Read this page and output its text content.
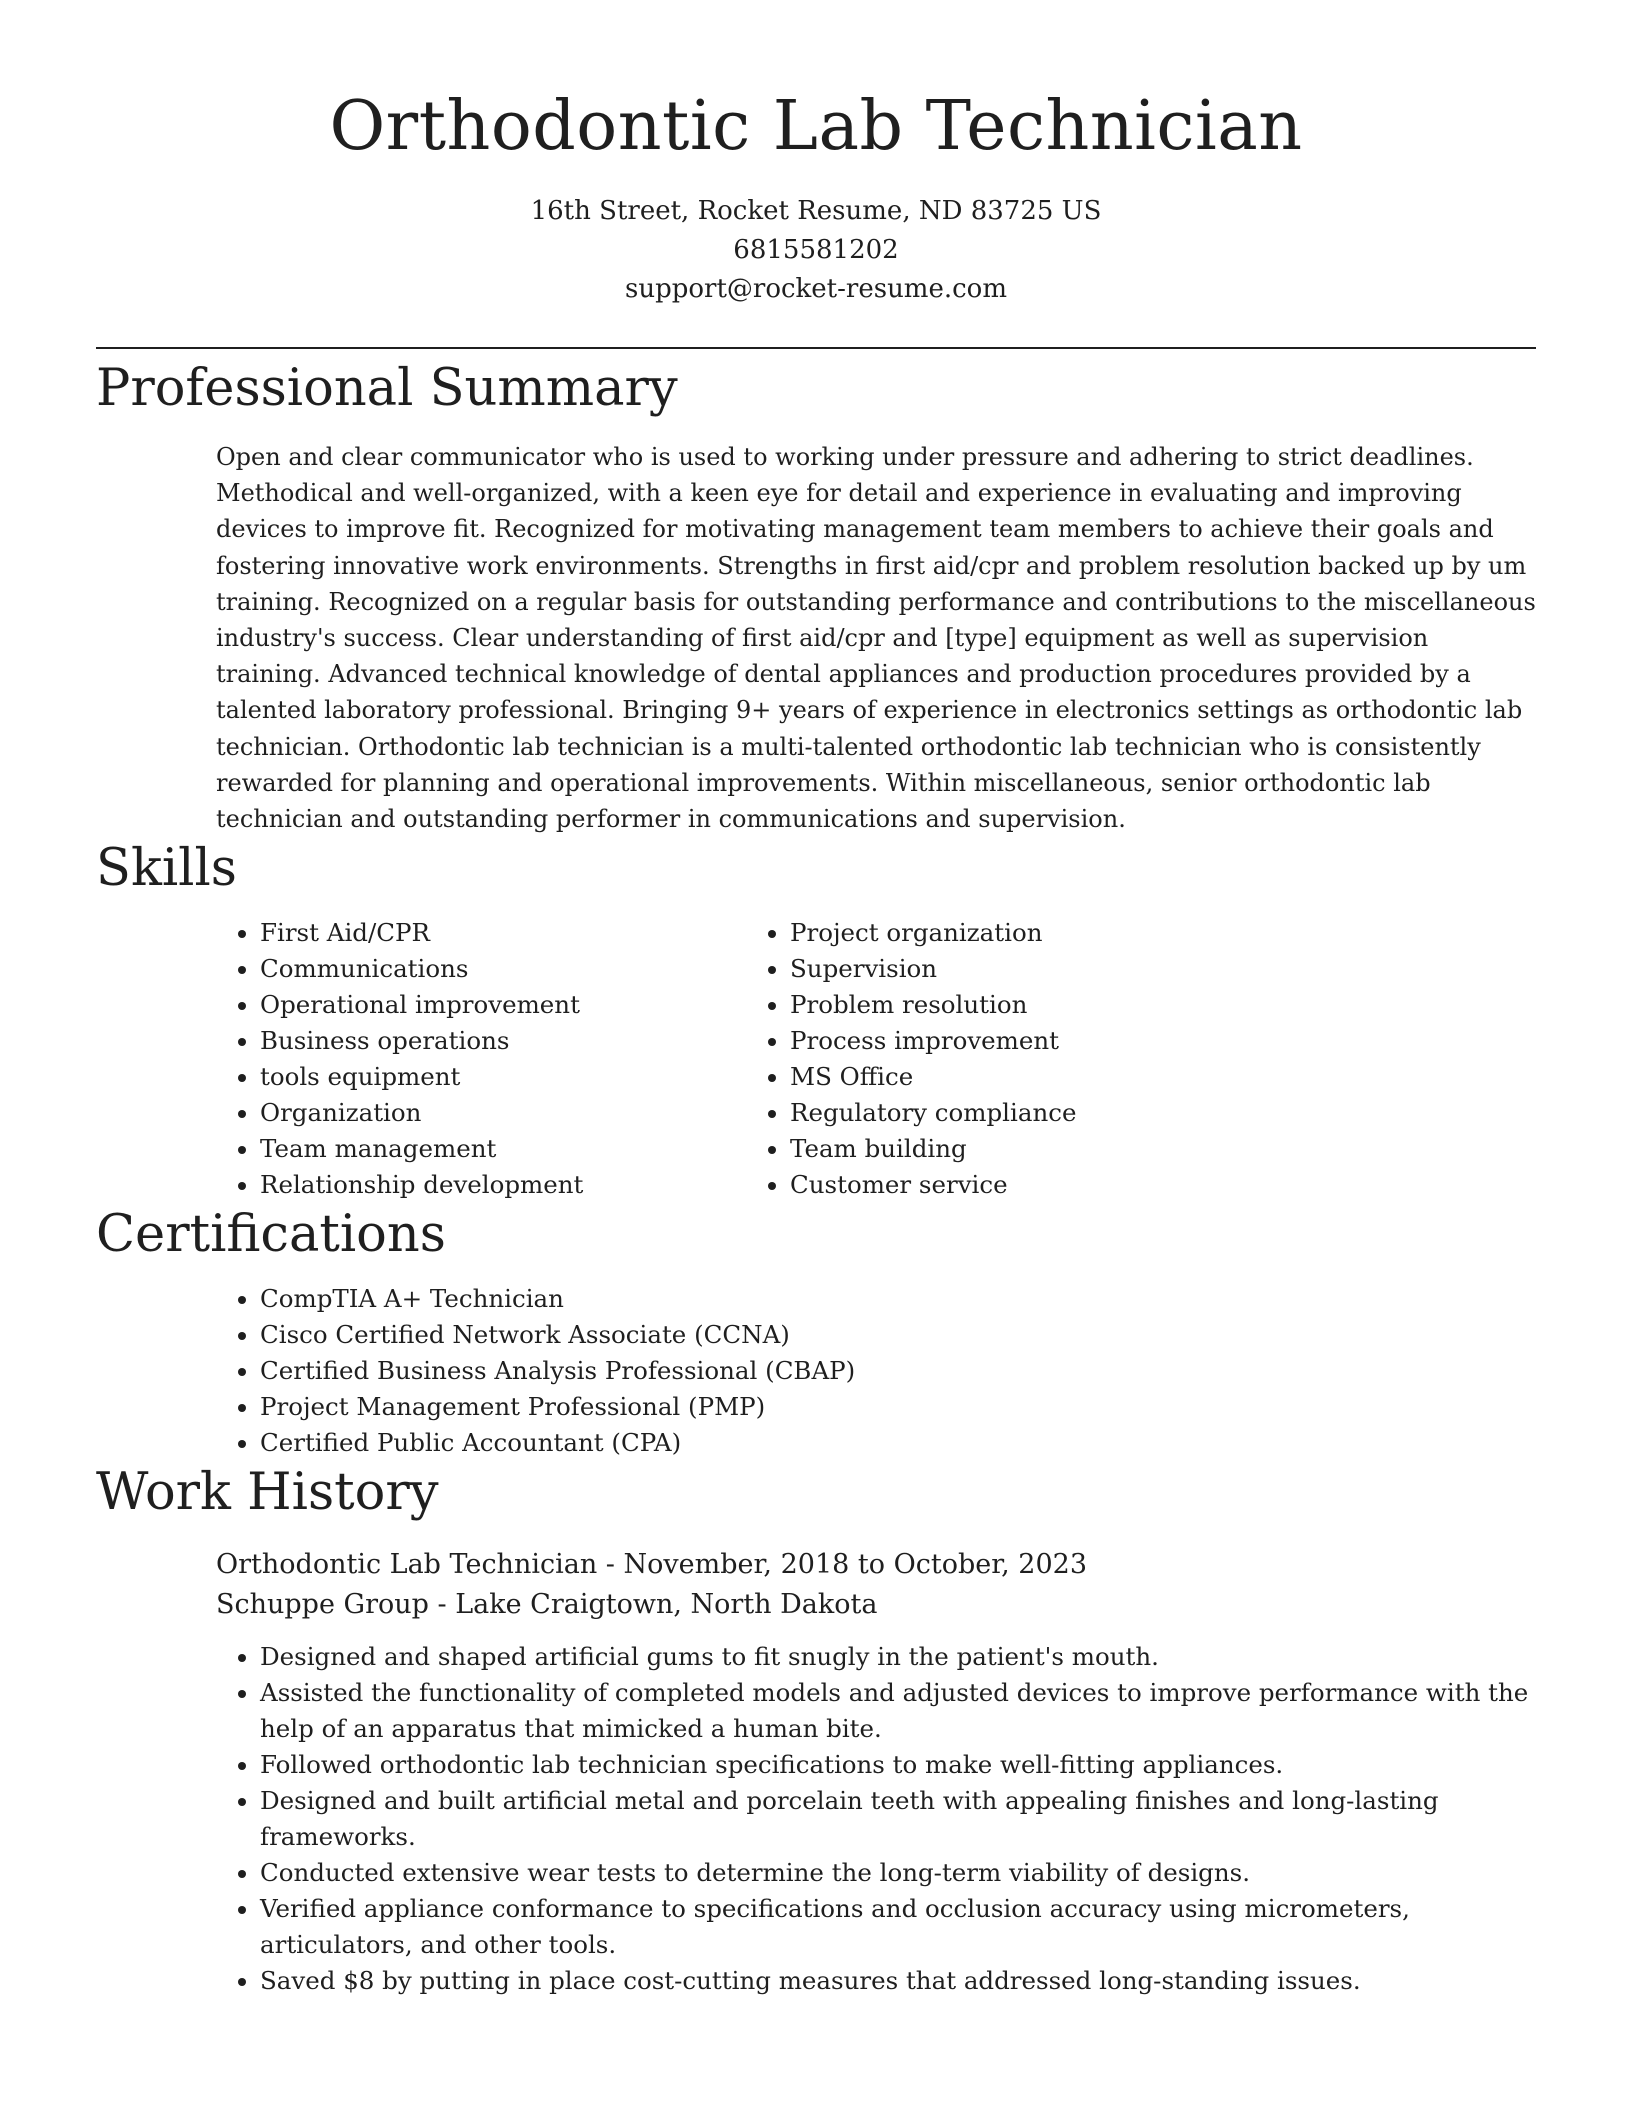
Orthodontic Lab Technician
16th Street, Rocket Resume, ND 83725 US
6815581202
support@rocket-resume.com
Professional Summary

Open and clear communicator who is used to working under pressure and adhering to strict deadlines. Methodical and well-organized, with a keen eye for detail and experience in evaluating and improving devices to improve fit. Recognized for motivating management team members to achieve their goals and fostering innovative work environments. Strengths in first aid/cpr and problem resolution backed up by um training. Recognized on a regular basis for outstanding performance and contributions to the miscellaneous industry's success. Clear understanding of first aid/cpr and [type] equipment as well as supervision training. Advanced technical knowledge of dental appliances and production procedures provided by a talented laboratory professional. Bringing 9+ years of experience in electronics settings as orthodontic lab technician. Orthodontic lab technician is a multi-talented orthodontic lab technician who is consistently rewarded for planning and operational improvements. Within miscellaneous, senior orthodontic lab technician and outstanding performer in communications and supervision.

Skills
• First Aid/CPR
• Communications
• Operational improvement
• Business operations
• tools equipment
• Organization
• Team management
• Relationship development
• Project organization
• Supervision
• Problem resolution
• Process improvement
• MS Office
• Regulatory compliance
• Team building
• Customer service
Certifications
• CompTIA A+ Technician
• Cisco Certified Network Associate (CCNA)
• Certified Business Analysis Professional (CBAP)
• Project Management Professional (PMP)
• Certified Public Accountant (CPA)
Work History
Orthodontic Lab Technician - November, 2018 to October, 2023
Schuppe Group - Lake Craigtown, North Dakota
• Designed and shaped artificial gums to fit snugly in the patient's mouth.
• Assisted the functionality of completed models and adjusted devices to improve performance with the help of an apparatus that mimicked a human bite.
• Followed orthodontic lab technician specifications to make well-fitting appliances.
• Designed and built artificial metal and porcelain teeth with appealing finishes and long-lasting frameworks.
• Conducted extensive wear tests to determine the long-term viability of designs.
• Verified appliance conformance to specifications and occlusion accuracy using micrometers, articulators, and other tools.
• Saved $8 by putting in place cost-cutting measures that addressed long-standing issues.
